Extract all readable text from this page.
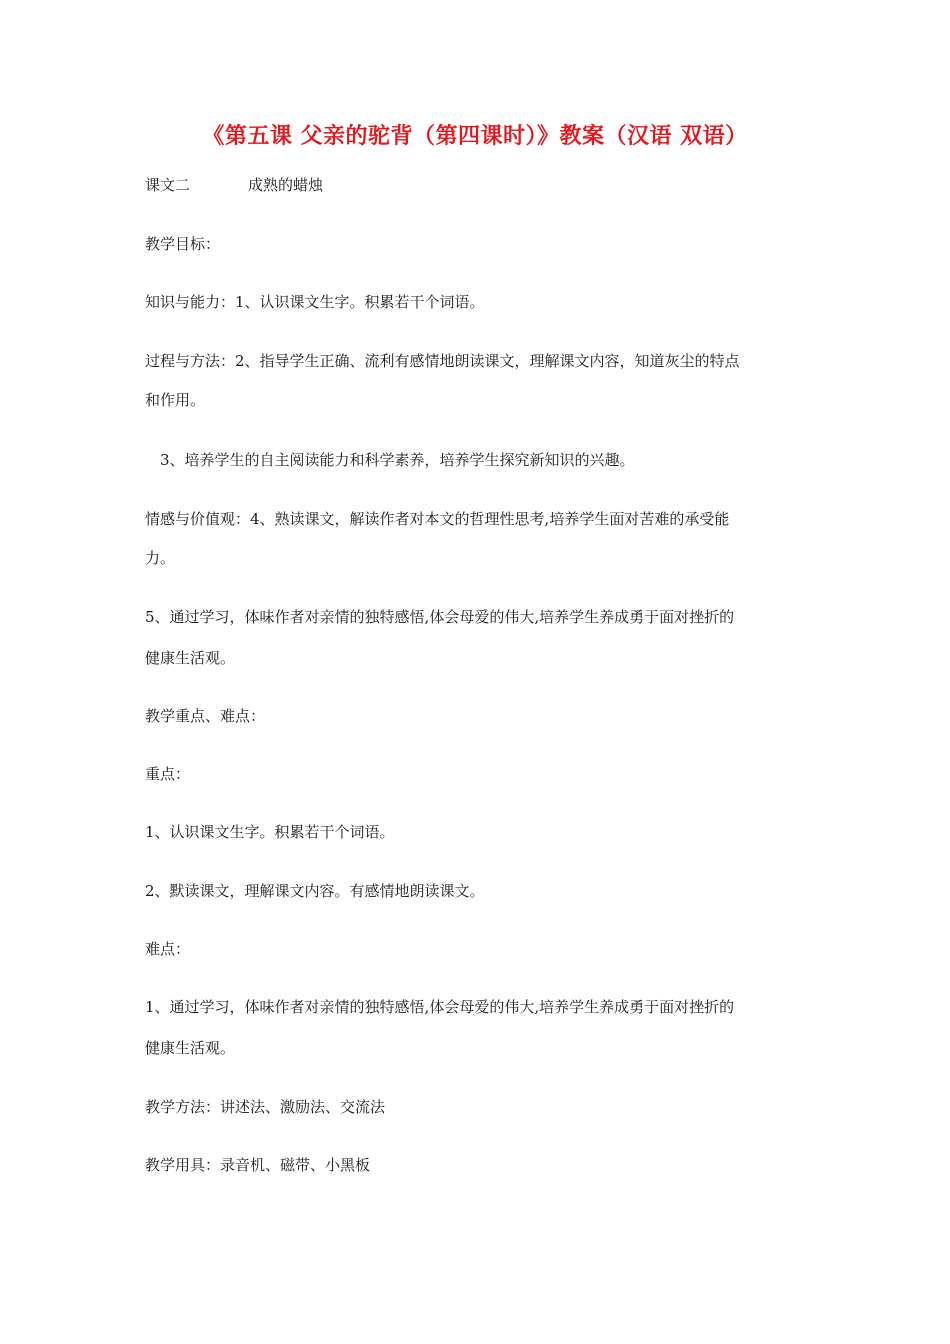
《第五课 父亲的驼背（第四课时）》教案（汉语 双语）
课文二	成熟的蜡烛
教学目标：
知识与能力：1、认识课文生字。积累若干个词语。
过程与方法：2、指导学生正确、流利有感情地朗读课文，理解课文内容，知道灰尘的特点
和作用。
3、培养学生的自主阅读能力和科学素养，培养学生探究新知识的兴趣。
情感与价值观：4、熟读课文，解读作者对本文的哲理性思考,培养学生面对苦难的承受能
力。
5、通过学习，体味作者对亲情的独特感悟,体会母爱的伟大,培养学生养成勇于面对挫折的
健康生活观。
教学重点、难点：
重点：
1、认识课文生字。积累若干个词语。
2、默读课文，理解课文内容。有感情地朗读课文。
难点：
1、通过学习，体味作者对亲情的独特感悟,体会母爱的伟大,培养学生养成勇于面对挫折的
健康生活观。
教学方法：讲述法、激励法、交流法
教学用具：录音机、磁带、小黑板
